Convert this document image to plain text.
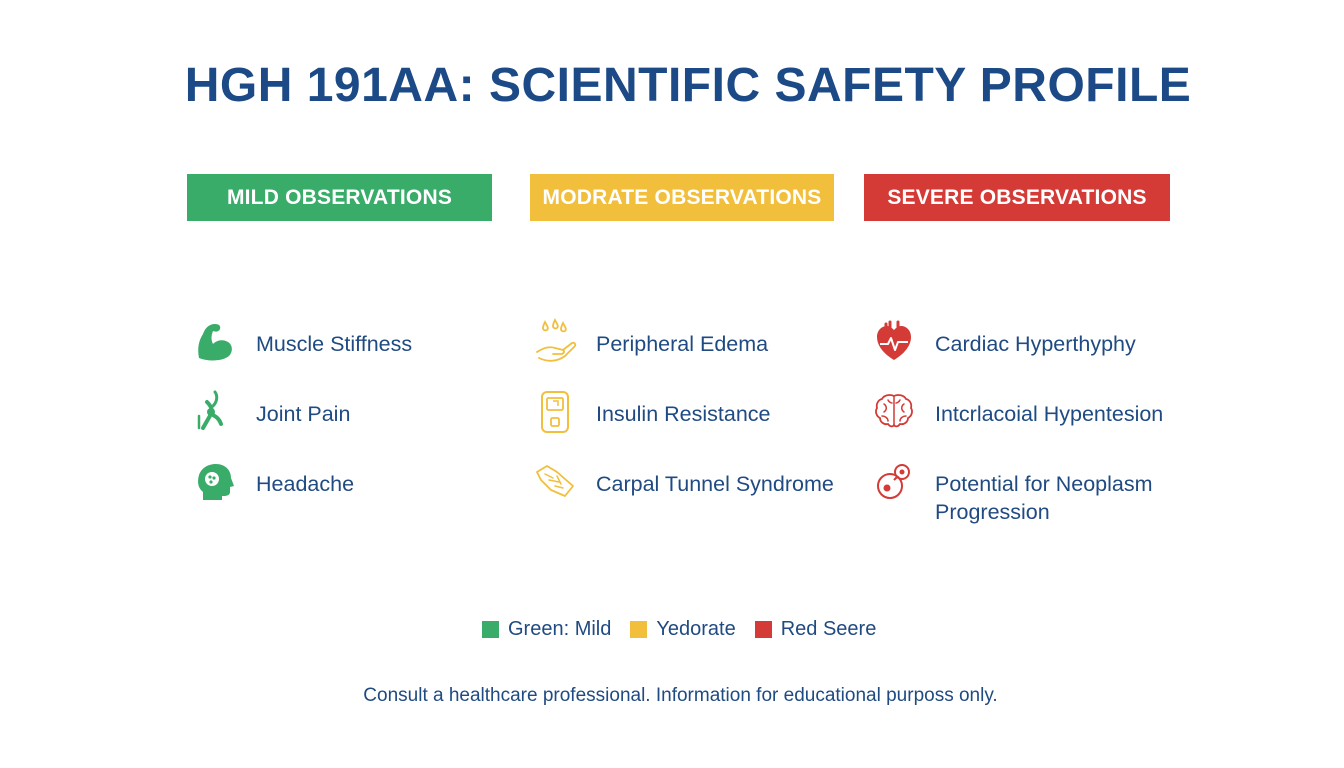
HGH 191AA: SCIENTIFIC SAFETY PROFILE
MILD OBSERVATIONS	MODRATE OBSERVATIONS	SEVERE OBSERVATIONS
Muscle Stiffness
Joint Pain
Headache
Peripheral Edema
Insulin Resistance
Carpal Tunnel Syndrome
Cardiac Hyperthyphy
Intcrlacoial Hypentesion
Potential for Neoplasm Progression
Green: Mild Yedorate Red Seere
Consult a healthcare professional. Information for educational purposs only.
